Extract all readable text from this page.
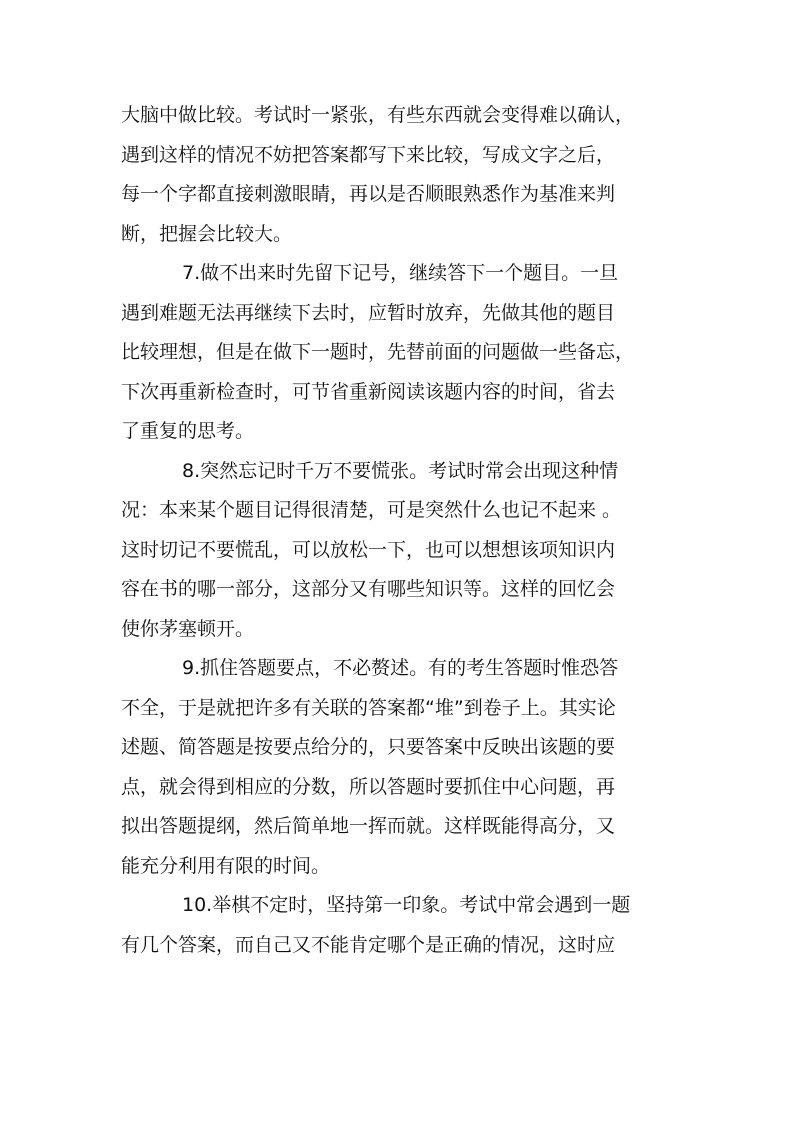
大脑中做比较。考试时一紧张，有些东西就会变得难以确认，
遇到这样的情况不妨把答案都写下来比较，写成文字之后，
每一个字都直接刺激眼睛，再以是否顺眼熟悉作为基准来判
断，把握会比较大。
7.做不出来时先留下记号，继续答下一个题目。一旦
遇到难题无法再继续下去时，应暂时放弃，先做其他的题目
比较理想，但是在做下一题时，先替前面的问题做一些备忘，
下次再重新检查时，可节省重新阅读该题内容的时间，省去
了重复的思考。
8.突然忘记时千万不要慌张。考试时常会出现这种情
况：本来某个题目记得很清楚，可是突然什么也记不起来 。
这时切记不要慌乱，可以放松一下，也可以想想该项知识内
容在书的哪一部分，这部分又有哪些知识等。这样的回忆会
使你茅塞顿开。
9.抓住答题要点，不必赘述。有的考生答题时惟恐答
不全，于是就把许多有关联的答案都“堆”到卷子上。其实论
述题、简答题是按要点给分的，只要答案中反映出该题的要
点，就会得到相应的分数，所以答题时要抓住中心问题，再
拟出答题提纲，然后简单地一挥而就。这样既能得高分，又
能充分利用有限的时间。
10.举棋不定时，坚持第一印象。考试中常会遇到一题
有几个答案，而自己又不能肯定哪个是正确的情况，这时应
